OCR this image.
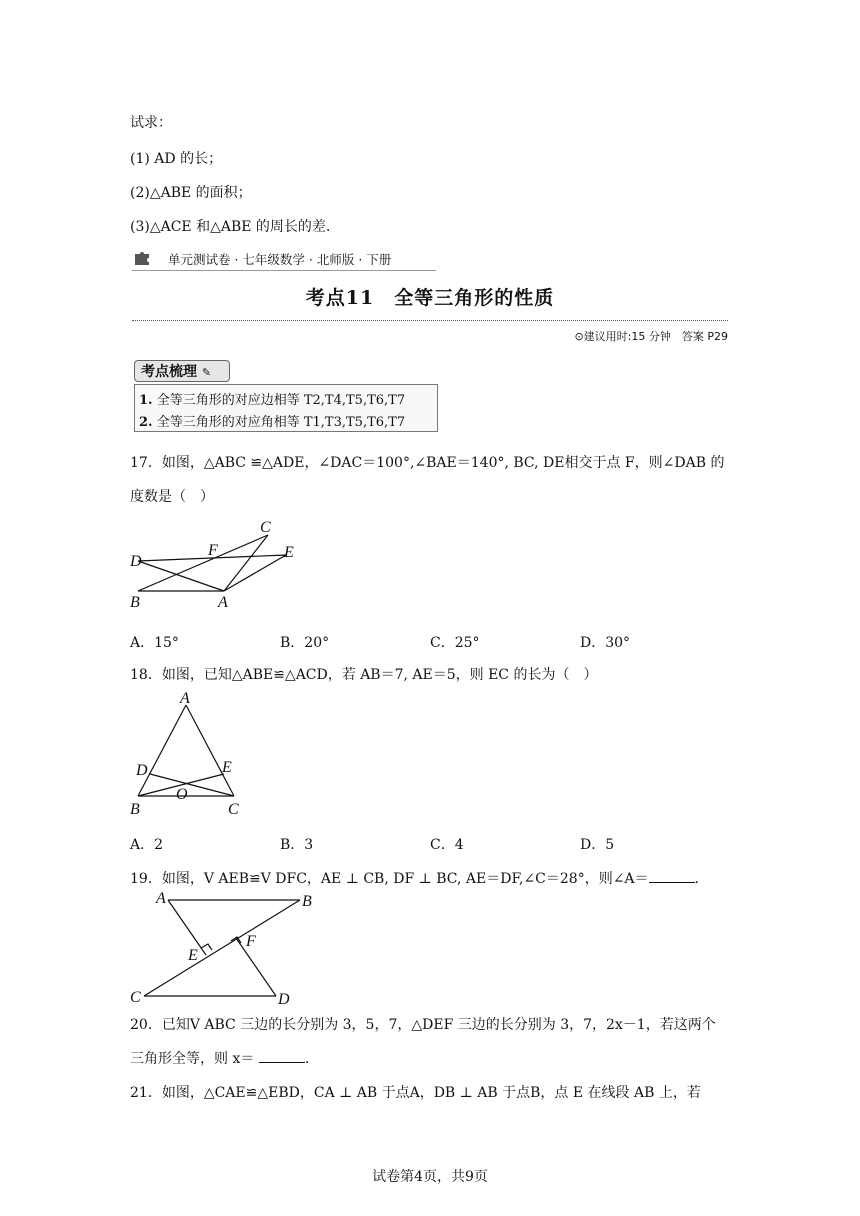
试求：
(1) AD 的长；
(2)△ABE 的面积；
(3)△ACE 和△ABE 的周长的差.
单元测试卷 · 七年级数学 · 北师版 · 下册
考点11　全等三角形的性质
⊙建议用时:15 分钟　答案 P29
考点梳理 ✎
1. 全等三角形的对应边相等 T2,T4,T5,T6,T7
2. 全等三角形的对应角相等 T1,T3,T5,T6,T7
17．如图，△ABC ≌△ADE，∠DAC＝100°,∠BAE＝140°, BC, DE相交于点 F，则∠DAB 的
度数是（　）
C
D
F	E
B	A
A．15°	B．20°	C．25°	D．30°
18．如图，已知△ABE≌△ACD，若 AB＝7, AE＝5，则 EC 的长为（　）
A
D	E
O
B	C
A．2	B．3	C．4	D．5
19．如图，V AEB≌V DFC，AE ⊥ CB, DF ⊥ BC, AE＝DF,∠C＝28°，则∠A＝	.
A	B
E
F
C	D
20．已知V ABC 三边的长分别为 3，5，7，△DEF 三边的长分别为 3，7，2x－1，若这两个
三角形全等，则 x＝	.
21．如图，△CAE≌△EBD，CA ⊥ AB 于点A，DB ⊥ AB 于点B，点 E 在线段 AB 上，若
试卷第4页，共9页
